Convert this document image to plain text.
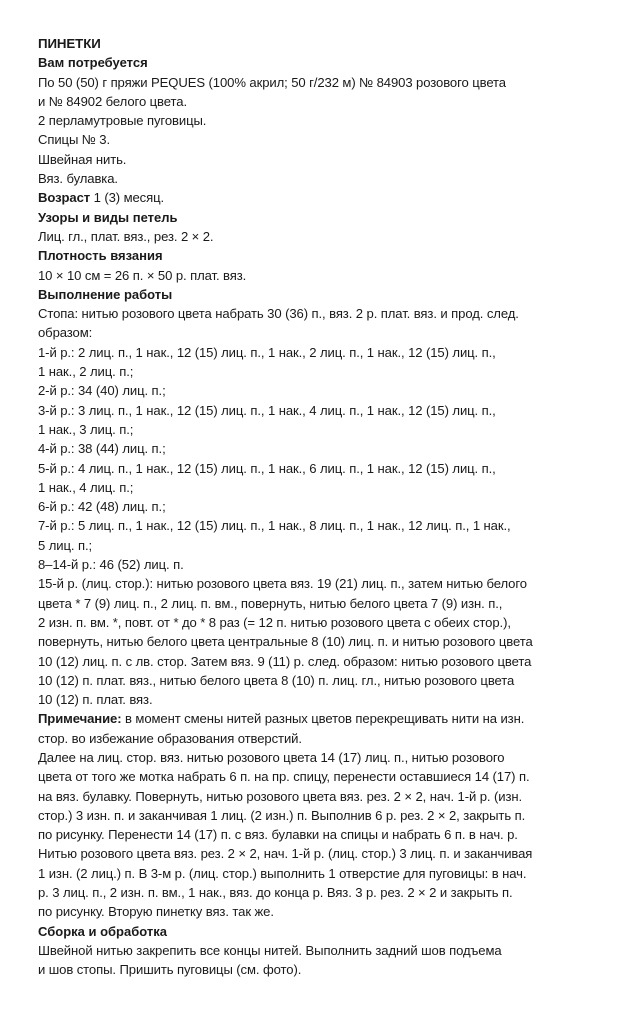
ПИНЕТКИ
Вам потребуется
По 50 (50) г пряжи PEQUES (100% акрил; 50 г/232 м) № 84903 розового цвета
и № 84902 белого цвета.
2 перламутровые пуговицы.
Спицы № 3.
Швейная нить.
Вяз. булавка.
Возраст 1 (3) месяц.
Узоры и виды петель
Лиц. гл., плат. вяз., рез. 2 × 2.
Плотность вязания
10 × 10 см = 26 п. × 50 р. плат. вяз.
Выполнение работы
Стопа: нитью розового цвета набрать 30 (36) п., вяз. 2 р. плат. вяз. и прод. след.
образом:
1-й р.: 2 лиц. п., 1 нак., 12 (15) лиц. п., 1 нак., 2 лиц. п., 1 нак., 12 (15) лиц. п.,
1 нак., 2 лиц. п.;
2-й р.: 34 (40) лиц. п.;
3-й р.: 3 лиц. п., 1 нак., 12 (15) лиц. п., 1 нак., 4 лиц. п., 1 нак., 12 (15) лиц. п.,
1 нак., 3 лиц. п.;
4-й р.: 38 (44) лиц. п.;
5-й р.: 4 лиц. п., 1 нак., 12 (15) лиц. п., 1 нак., 6 лиц. п., 1 нак., 12 (15) лиц. п.,
1 нак., 4 лиц. п.;
6-й р.: 42 (48) лиц. п.;
7-й р.: 5 лиц. п., 1 нак., 12 (15) лиц. п., 1 нак., 8 лиц. п., 1 нак., 12 лиц. п., 1 нак.,
5 лиц. п.;
8–14-й р.: 46 (52) лиц. п.
15-й р. (лиц. стор.): нитью розового цвета вяз. 19 (21) лиц. п., затем нитью белого
цвета * 7 (9) лиц. п., 2 лиц. п. вм., повернуть, нитью белого цвета 7 (9) изн. п.,
2 изн. п. вм. *, повт. от * до * 8 раз (= 12 п. нитью розового цвета с обеих стор.),
повернуть, нитью белого цвета центральные 8 (10) лиц. п. и нитью розового цвета
10 (12) лиц. п. с лв. стор. Затем вяз. 9 (11) р. след. образом: нитью розового цвета
10 (12) п. плат. вяз., нитью белого цвета 8 (10) п. лиц. гл., нитью розового цвета
10 (12) п. плат. вяз.
Примечание: в момент смены нитей разных цветов перекрещивать нити на изн.
стор. во избежание образования отверстий.
Далее на лиц. стор. вяз. нитью розового цвета 14 (17) лиц. п., нитью розового
цвета от того же мотка набрать 6 п. на пр. спицу, перенести оставшиеся 14 (17) п.
на вяз. булавку. Повернуть, нитью розового цвета вяз. рез. 2 × 2, нач. 1-й р. (изн.
стор.) 3 изн. п. и заканчивая 1 лиц. (2 изн.) п. Выполнив 6 р. рез. 2 × 2, закрыть п.
по рисунку. Перенести 14 (17) п. с вяз. булавки на спицы и набрать 6 п. в нач. р.
Нитью розового цвета вяз. рез. 2 × 2, нач. 1-й р. (лиц. стор.) 3 лиц. п. и заканчивая
1 изн. (2 лиц.) п. В 3-м р. (лиц. стор.) выполнить 1 отверстие для пуговицы: в нач.
р. 3 лиц. п., 2 изн. п. вм., 1 нак., вяз. до конца р. Вяз. 3 р. рез. 2 × 2 и закрыть п.
по рисунку. Вторую пинетку вяз. так же.
Сборка и обработка
Швейной нитью закрепить все концы нитей. Выполнить задний шов подъема
и шов стопы. Пришить пуговицы (см. фото).
